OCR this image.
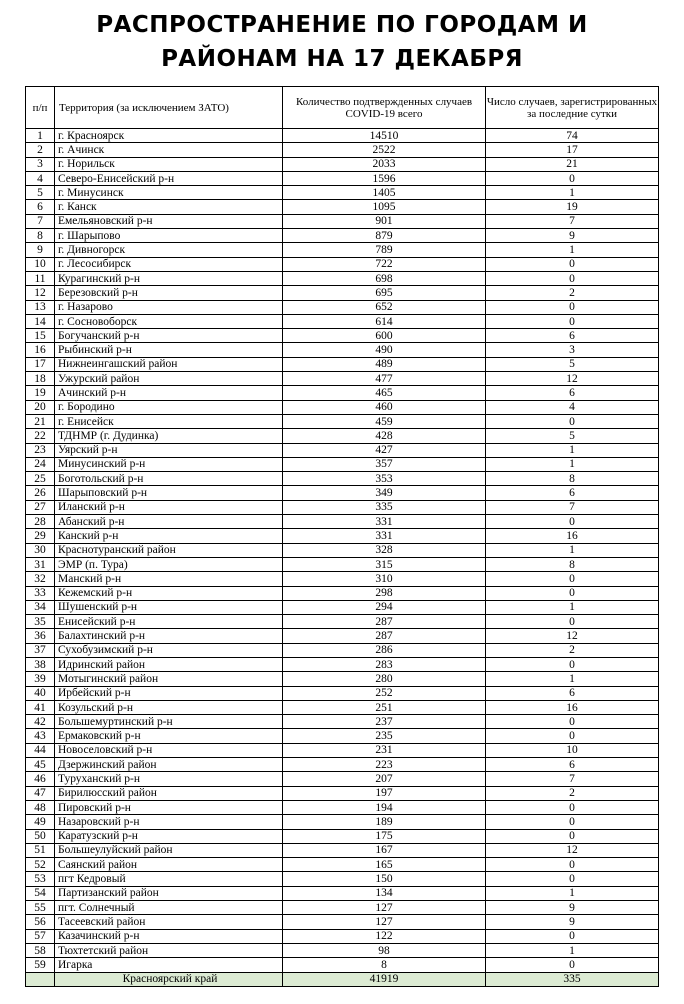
РАСПРОСТРАНЕНИЕ ПО ГОРОДАМ И
РАЙОНАМ НА 17 ДЕКАБРЯ
п/п	Территория (за исключением ЗАТО)	Количество подтвержденных случаев COVID-19 всего	Число случаев, зарегистрированных за последние сутки
1	г. Красноярск	14510	74
2	г. Ачинск	2522	17
3	г. Норильск	2033	21
4	Северо-Енисейский р-н	1596	0
5	г. Минусинск	1405	1
6	г. Канск	1095	19
7	Емельяновский р-н	901	7
8	г. Шарыпово	879	9
9	г. Дивногорск	789	1
10	г. Лесосибирск	722	0
11	Курагинский р-н	698	0
12	Березовский р-н	695	2
13	г. Назарово	652	0
14	г. Сосновоборск	614	0
15	Богучанский р-н	600	6
16	Рыбинский р-н	490	3
17	Нижнеингашский район	489	5
18	Ужурский район	477	12
19	Ачинский р-н	465	6
20	г. Бородино	460	4
21	г. Енисейск	459	0
22	ТДНМР (г. Дудинка)	428	5
23	Уярский р-н	427	1
24	Минусинский р-н	357	1
25	Боготольский р-н	353	8
26	Шарыповский р-н	349	6
27	Иланский р-н	335	7
28	Абанский р-н	331	0
29	Канский р-н	331	16
30	Краснотуранский район	328	1
31	ЭМР (п. Тура)	315	8
32	Манский р-н	310	0
33	Кежемский р-н	298	0
34	Шушенский р-н	294	1
35	Енисейский р-н	287	0
36	Балахтинский р-н	287	12
37	Сухобузимский р-н	286	2
38	Идринский район	283	0
39	Мотыгинский район	280	1
40	Ирбейский р-н	252	6
41	Козульский р-н	251	16
42	Большемуртинский р-н	237	0
43	Ермаковский р-н	235	0
44	Новоселовский р-н	231	10
45	Дзержинский район	223	6
46	Туруханский р-н	207	7
47	Бирилюсский район	197	2
48	Пировский р-н	194	0
49	Назаровский р-н	189	0
50	Каратузский р-н	175	0
51	Большеулуйский район	167	12
52	Саянский район	165	0
53	пгт Кедровый	150	0
54	Партизанский район	134	1
55	пгт. Солнечный	127	9
56	Тасеевский район	127	9
57	Казачинский р-н	122	0
58	Тюхтетский район	98	1
59	Игарка	8	0
	Красноярский край	41919	335
